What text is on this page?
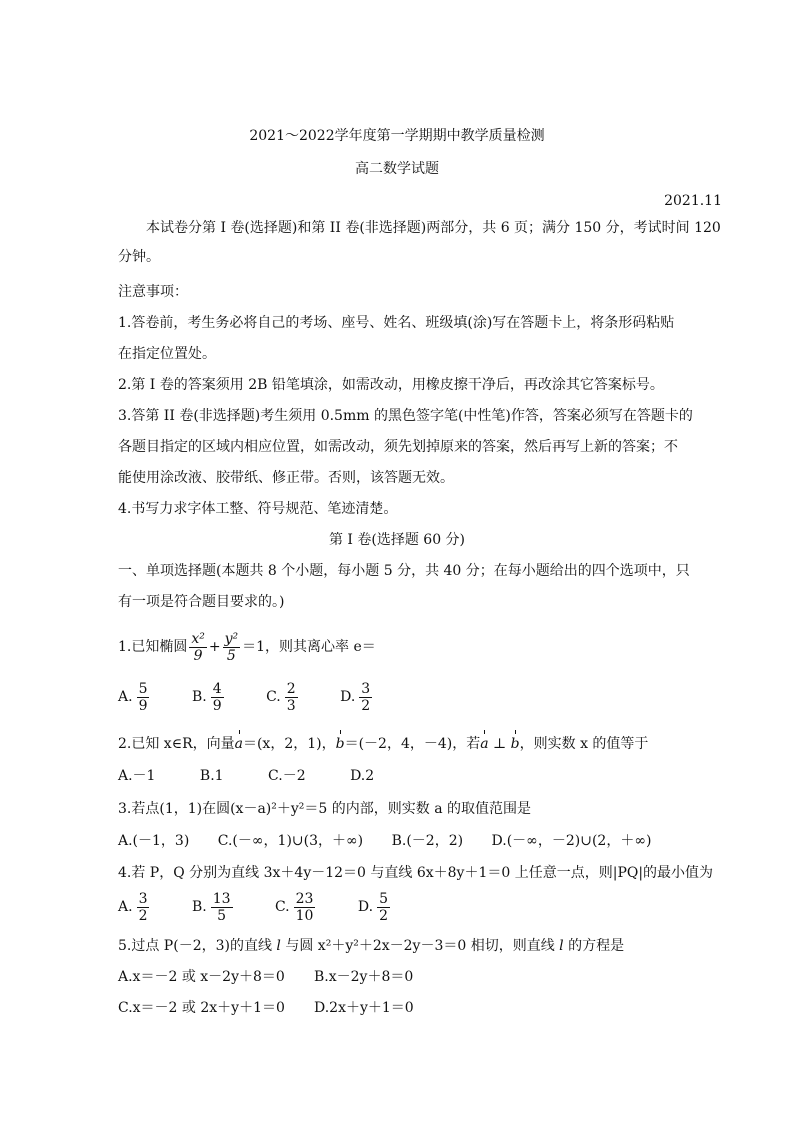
2021～2022学年度第一学期期中教学质量检测
高二数学试题
2021.11
本试卷分第 I 卷(选择题)和第 II 卷(非选择题)两部分，共 6 页；满分 150 分，考试时间 120
分钟。
注意事项：
1.答卷前，考生务必将自己的考场、座号、姓名、班级填(涂)写在答题卡上，将条形码粘贴
在指定位置处。
2.第 I 卷的答案须用 2B 铅笔填涂，如需改动，用橡皮擦干净后，再改涂其它答案标号。
3.答第 II 卷(非选择题)考生须用 0.5mm 的黑色签字笔(中性笔)作答，答案必须写在答题卡的
各题目指定的区域内相应位置，如需改动，须先划掉原来的答案，然后再写上新的答案；不
能使用涂改液、胶带纸、修正带。否则，该答题无效。
4.书写力求字体工整、符号规范、笔迹清楚。
第 I 卷(选择题 60 分)
一、单项选择题(本题共 8 个小题，每小题 5 分，共 40 分；在每小题给出的四个选项中，只
有一项是符合题目要求的。)
1.已知椭圆 $\frac{\text{x²}}{9} + \frac{\text{y²}}{5} =1$，则其离心率 e＝
A. $\frac{5}{9}$	B. $\frac{4}{9}$	C. $\frac{2}{3}$	D. $\frac{3}{2}$
2.已知 x∈R，向量a＝(x，2，1)，b＝(－2，4，－4)，若a ⊥ b，则实数 x 的值等于
A.－1	B.1	C.－2	D.2
3.若点(1，1)在圆(x－a)²＋y²＝5 的内部，则实数 a 的取值范围是
A.(－1，3) C.(－∞，1)∪(3，＋∞) B.(－2，2) D.(－∞，－2)∪(2，＋∞)
4.若 P，Q 分别为直线 3x＋4y－12＝0 与直线 6x＋8y＋1＝0 上任意一点，则|PQ|的最小值为
A. $\frac{3}{2}$	B. $\frac{13}{5}$	C. $\frac{23}{10}$	D. $\frac{5}{2}$
5.过点 P(－2，3)的直线 l 与圆 x²＋y²＋2x－2y－3＝0 相切，则直线 l 的方程是
A.x＝－2 或 x－2y＋8＝0 B.x－2y＋8＝0
C.x＝－2 或 2x＋y＋1＝0 D.2x＋y＋1＝0
